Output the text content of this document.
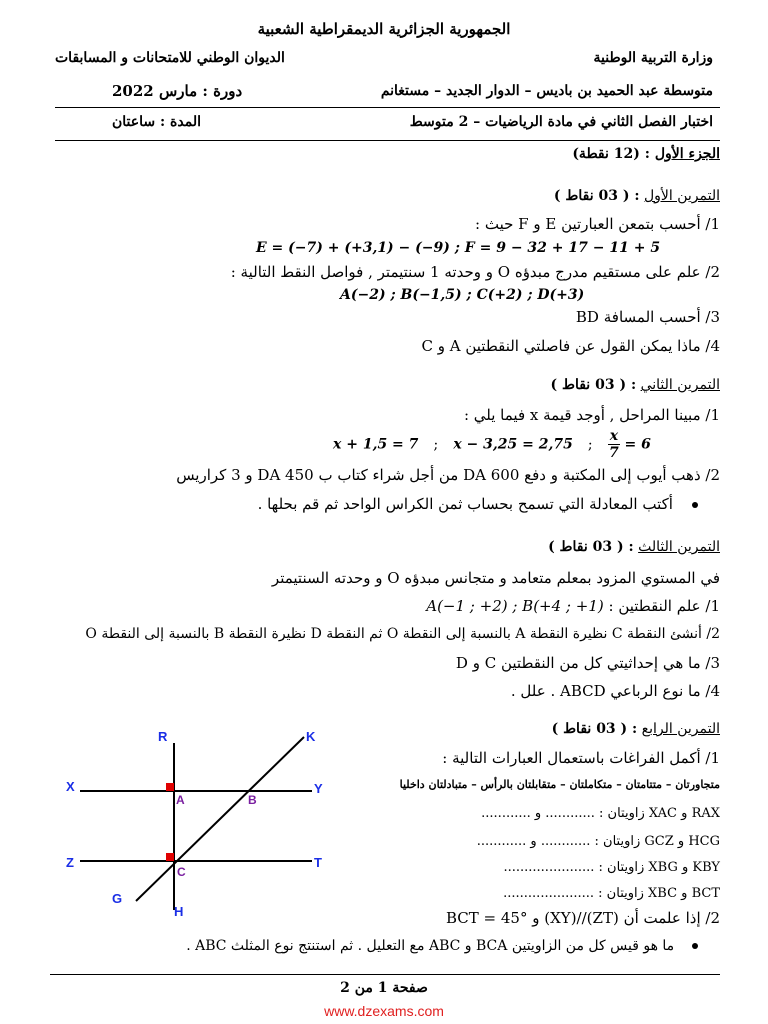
الجمهورية الجزائرية الديمقراطية الشعبية
وزارة التربية الوطنية
الديوان الوطني للامتحانات و المسابقات
متوسطة عبد الحميد بن باديس – الدوار الجديد – مستغانم
دورة : مارس 2022
اختبار الفصل الثاني في مادة الرياضيات – 2 متوسط
المدة : ساعتان
الجزء الأول : (12 نقطة)
التمرين الأول : ( 03 نقاط )
1/ أحسب بتمعن العبارتين E و F حيث :
E = (−7) + (+3,1) − (−9) ; F = 9 − 32 + 17 − 11 + 5
2/ علم على مستقيم مدرج مبدؤه O و وحدته 1 سنتيمتر , فواصل النقط التالية :
A(−2) ; B(−1,5) ; C(+2) ; D(+3)
3/ أحسب المسافة BD
4/ ماذا يمكن القول عن فاصلتي النقطتين A و C
التمرين الثاني : ( 03 نقاط )
1/ مبينا المراحل , أوجد قيمة x فيما يلي :
x + 1,5 = 7 ; x − 3,25 = 2,75 ; $\frac{x}{7} = 6$
2/ ذهب أيوب إلى المكتبة و دفع DA 600 من أجل شراء كتاب ب DA 450 و 3 كراريس
أكتب المعادلة التي تسمح بحساب ثمن الكراس الواحد ثم قم بحلها .
التمرين الثالث : ( 03 نقاط )
في المستوي المزود بمعلم متعامد و متجانس مبدؤه O و وحدته السنتيمتر
1/ علم النقطتين : A(−1 ; +2) ; B(+4 ; +1)
2/ أنشئ النقطة C نظيرة النقطة A بالنسبة إلى النقطة O ثم النقطة D نظيرة النقطة B بالنسبة إلى النقطة O
3/ ما هي إحداثيتي كل من النقطتين C و D
4/ ما نوع الرباعي ABCD . علل .
التمرين الرابع : ( 03 نقاط )
1/ أكمل الفراغات باستعمال العبارات التالية :
متجاورتان – متتامتان – متكاملتان – متقابلتان بالرأس – متبادلتان داخليا
RAX و XAC زاويتان : ............ و ............
HCG و GCZ زاويتان : ............ و ............
KBY و XBG زاويتان : ......................
BCT و XBC زاويتان : ......................
2/ إذا علمت أن (ZT)//(XY) و BCT = 45°
ما هو قيس كل من الزاويتين BCA و ABC مع التعليل . ثم استنتج نوع المثلث ABC .
R	K
X	Y
A	B
Z	T
C
G
H
صفحة 1 من 2
www.dzexams.com
